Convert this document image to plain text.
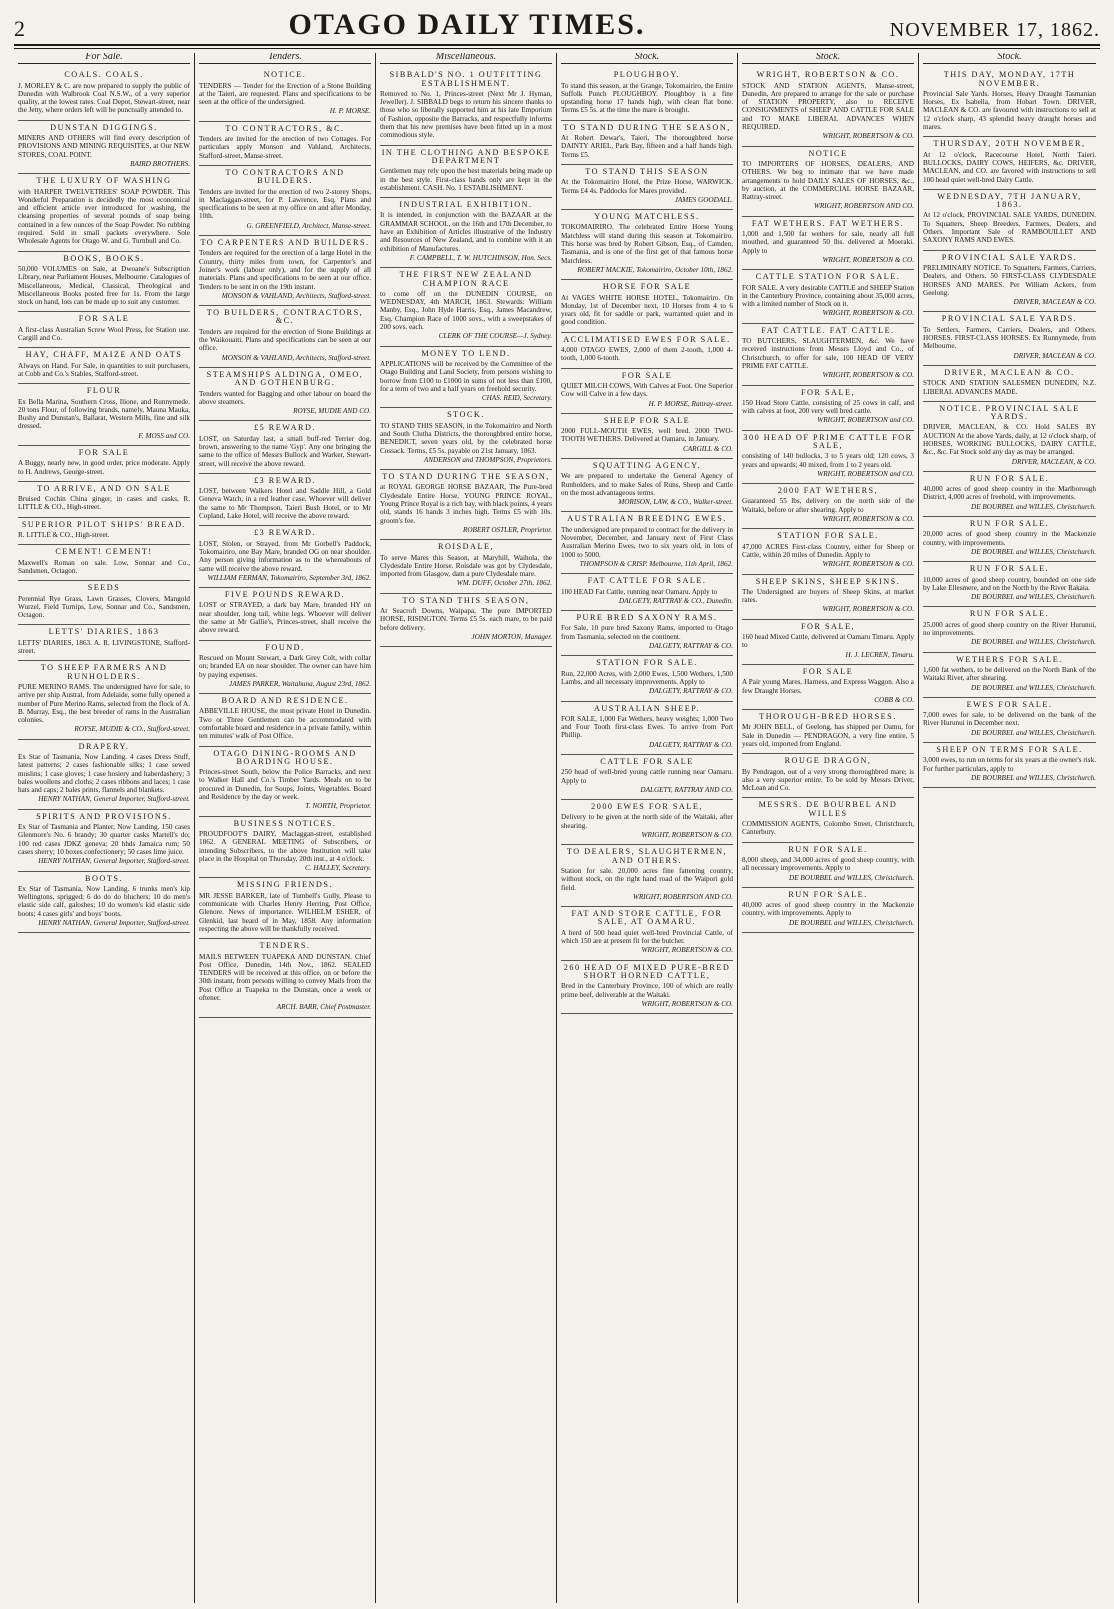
2	OTAGO DAILY TIMES.	NOVEMBER 17, 1862.
For Sale.
COALS. COALS.

J. MORLEY & C. are now prepared to supply the public of Dunedin with Walbrook Coal N.S.W., of a very superior quality, at the lowest rates. Coal Depot, Stewart-street, near the Jetty, where orders left will be punctually attended to.

DUNSTAN DIGGINGS.

MINERS AND OTHERS will find every description of PROVISIONS AND MINING REQUISITES, at Our NEW STORES, COAL POINT.

BAIRD BROTHERS.

THE LUXURY OF WASHING

with HARPER TWELVETREES' SOAP POWDER. This Wonderful Preparation is decidedly the most economical and efficient article ever introduced for washing, the cleansing properties of several pounds of soap being contained in a few ounces of the Soap Powder. No rubbing required. Sold in small packets everywhere. Sole Wholesale Agents for Otago W. and G. Turnbull and Co.

BOOKS, BOOKS.

50,000 VOLUMES on Sale, at Dwoane's Subscription Library, near Parliament Houses, Melbourne. Catalogues of Miscellaneous, Medical, Classical, Theological and Miscellaneous Books posted free for 1s. From the large stock on hand, lots can be made up to suit any customer.

FOR SALE

A first-class Australian Screw Wool Press, for Station use. Cargill and Co.

HAY, CHAFF, MAIZE AND OATS

Always on Hand. For Sale, in quantities to suit purchasers, at Cobb and Co.'s Stables, Stafford-street.

FLOUR

Ex Bella Marina, Southern Cross, Ilione, and Runnymede. 20 tons Flour, of following brands, namely, Mauna Mauka, Bushy and Dunstan's, Ballarat, Western Mills, fine and silk dressed.

F. MOSS and CO.

FOR SALE

A Buggy, nearly new, in good order, price moderate. Apply to H. Andrews, George-street.

TO ARRIVE, AND ON SALE

Bruised Cochin China ginger, in cases and casks, R. LITTLE & CO., High-street.

SUPERIOR PILOT SHIPS' BREAD.

R. LITTLE & CO., High-street.

CEMENT! CEMENT!

Maxwell's Roman on sale. Low, Sonnar and Co., Sandsmen, Octagon.

SEEDS

Perennial Rye Grass, Lawn Grasses, Clovers, Mangold Wurzel, Field Turnips, Lew, Sonnar and Co., Sandsmen, Octagon.

LETTS' DIARIES, 1863

LETTS' DIARIES, 1863. A. R. LIVINGSTONE, Stafford-street.

TO SHEEP FARMERS AND RUNHOLDERS.

PURE MERINO RAMS. The undersigned have for sale, to arrive per ship Austral, from Adelaide, some fully opened a number of Pure Merino Rams, selected from the flock of A. B. Murray, Esq., the best breeder of rams in the Australian colonies.

ROYSE, MUDIE & CO., Stafford-street.

DRAPERY.

Ex Star of Tasmania, Now Landing. 4 cases Dress Stuff, latest patterns; 2 cases fashionable silks; 1 case sewed muslins; 1 case gloves; 1 case hosiery and haberdashery; 3 bales woollens and cloths; 2 cases ribbons and laces; 1 case hats and caps; 2 bales prints, flannels and blankets.

HENRY NATHAN, General Importer, Stafford-street.

SPIRITS AND PROVISIONS.

Ex Star of Tasmania and Planter, Now Landing. 150 cases Glenmore's No. 6 brandy; 30 quarter casks Martell's do; 100 red cases JDKZ geneva; 20 hhds Jamaica rum; 50 cases sherry; 10 boxes confectionery; 50 cases lime juice.

HENRY NATHAN, General Importer, Stafford-street.

BOOTS.

Ex Star of Tasmania, Now Landing. 6 trunks men's kip Wellingtons, sprigged; 6 do do do bluchers; 10 do men's elastic side calf, galoshes; 10 do women's kid elastic side boots; 4 cases girls' and boys' boots.

HENRY NATHAN, General Importer, Stafford-street.

Tenders.
NOTICE.

TENDERS — Tender for the Erection of a Stone Building at the Taieri, are requested. Plans and specifications to be seen at the office of the undersigned.

H. P. MORSE.

TO CONTRACTORS, &C.

Tenders are invited for the erection of two Cottages. For particulars apply Monson and Vahland, Architects, Stafford-street, Manse-street.

TO CONTRACTORS AND BUILDERS.

Tenders are invited for the erection of two 2-storey Shops, in Maclaggan-street, for P. Lawrence, Esq. Plans and specifications to be seen at my office on and after Monday, 10th.

G. GREENFIELD, Architect, Manse-street.

TO CARPENTERS AND BUILDERS.

Tenders are required for the erection of a large Hotel in the Country, thirty miles from town, for Carpenter's and Joiner's work (labour only), and for the supply of all materials. Plans and specifications to be seen at our office. Tenders to be sent in on the 19th instant.

MONSON & VAHLAND, Architects, Stafford-street.

TO BUILDERS, CONTRACTORS, &C.

Tenders are required for the erection of Stone Buildings at the Waikouaiti. Plans and specifications can be seen at our office.

MONSON & VAHLAND, Architects, Stafford-street.

STEAMSHIPS ALDINGA, OMEO, AND GOTHENBURG.

Tenders wanted for Bagging and other labour on board the above steamers.

ROYSE, MUDIE AND CO.

£5 REWARD.

LOST, on Saturday last, a small buff-red Terrier dog, brown, answering to the name 'Gyp'. Any one bringing the same to the office of Messrs Bullock and Warker, Stewart-street, will receive the above reward.

£3 REWARD.

LOST, between Walkers Hotel and Saddle Hill, a Gold Geneva Watch, in a red leather case. Whoever will deliver the same to Mr Thompson, Taieri Bush Hotel, or to Mr Copland, Lake Hotel, will receive the above reward.

£3 REWARD.

LOST, Stolen, or Strayed, from Mr Gorbell's Paddock, Tokomairiro, one Bay Mare, branded OG on near shoulder. Any person giving information as to the whereabouts of same will receive the above reward.

WILLIAM FERMAN, Tokomairiro, September 3rd, 1862.

FIVE POUNDS REWARD.

LOST or STRAYED, a dark bay Mare, branded HY on near shoulder, long tail, white legs. Whoever will deliver the same at Mr Gallie's, Princes-street, shall receive the above reward.

FOUND.

Rescued on Mount Stewart, a Dark Grey Colt, with collar on; branded EA on near shoulder. The owner can have him by paying expenses.

JAMES PARKER, Waitahuna, August 23rd, 1862.

BOARD AND RESIDENCE.

ABBEVILLE HOUSE, the most private Hotel in Dunedin. Two or Three Gentlemen can be accommodated with comfortable board and residence in a private family, within ten minutes' walk of Post Office.

OTAGO DINING-ROOMS AND BOARDING HOUSE.

Princes-street South, below the Police Barracks, and next to Walker Hall and Co.'s Timber Yards. Meals on to be procured in Dunedin, for Soups, Joints, Vegetables. Board and Residence by the day or week.

T. NORTH, Proprietor.

BUSINESS NOTICES.

PROUDFOOT'S DAIRY, Maclaggan-street, established 1862. A GENERAL MEETING of Subscribers, or intending Subscribers, to the above Institution will take place in the Hospital on Thursday, 20th inst., at 4 o'clock.

C. HALLEY, Secretary.

MISSING FRIENDS.

MR JESSE BARKER, late of Tumbell's Gully, Please to communicate with Charles Henry Herring, Post Office, Glenore. News of importance. WILHELM ESHER, of Glenkid, last heard of in May, 1858. Any information respecting the above will be thankfully received.

TENDERS.

MAILS BETWEEN TUAPEKA AND DUNSTAN. Chief Post Office, Dunedin, 14th Nov., 1862. SEALED TENDERS will be received at this office, on or before the 30th instant, from persons willing to convey Mails from the Post Office at Tuapeka to the Dunstan, once a week or oftener.

ARCH. BARR, Chief Postmaster.

Miscellaneous.
SIBBALD'S NO. 1 OUTFITTING ESTABLISHMENT.

Removed to No. 1, Princes-street (Next Mr J. Hyman, Jeweller). J. SIBBALD begs to return his sincere thanks to those who so liberally supported him at his late Emporium of Fashion, opposite the Barracks, and respectfully informs them that his new premises have been fitted up in a most commodious style.

IN THE CLOTHING AND BESPOKE DEPARTMENT

Gentlemen may rely upon the best materials being made up in the best style. First-class hands only are kept in the establishment. CASH. No. 1 ESTABLISHMENT.

INDUSTRIAL EXHIBITION.

It is intended, in conjunction with the BAZAAR at the GRAMMAR SCHOOL, on the 16th and 17th December, to have an Exhibition of Articles illustrative of the Industry and Resources of New Zealand, and to combine with it an exhibition of Manufactures.

F. CAMPBELL, T. W. HUTCHINSON, Hon. Secs.

THE FIRST NEW ZEALAND CHAMPION RACE

to come off on the DUNEDIN COURSE, on WEDNESDAY, 4th MARCH, 1863. Stewards: William Manby, Esq., John Hyde Harris, Esq., James Macandrew, Esq. Champion Race of 1000 sovs., with a sweepstakes of 200 sovs. each.

CLERK OF THE COURSE—J. Sydney.

MONEY TO LEND.

APPLICATIONS will be received by the Committee of the Otago Building and Land Society, from persons wishing to borrow from £100 to £1000 in sums of not less than £100, for a term of two and a half years on freehold security.

CHAS. REID, Secretary.

STOCK.

TO STAND THIS SEASON, in the Tokomairiro and North and South Clutha Districts, the thoroughbred entire horse, BENEDICT, seven years old, by the celebrated horse Cossack. Terms, £5 5s. payable on 21st January, 1863.

ANDERSON and THOMPSON, Proprietors.

TO STAND DURING THE SEASON,

at ROYAL GEORGE HORSE BAZAAR, The Pure-bred Clydesdale Entire Horse, YOUNG PRINCE ROYAL, Young Prince Royal is a rich bay, with black points, 4 years old, stands 16 hands 3 inches high. Terms £5 with 10s. groom's fee.

ROBERT OSTLER, Proprietor.

ROISDALE,

To serve Mares this Season, at Maryhill, Waihola, the Clydesdale Entire Horse. Roisdale was got by Clydesdale, imported from Glasgow, dam a pure Clydesdale mare.

WM. DUFF, October 27th, 1862.

TO STAND THIS SEASON,

At Seacroft Downs, Waipapa, The pure IMPORTED HORSE, RISINGTON. Terms £5 5s. each mare, to be paid before delivery.

JOHN MORTON, Manager.

Stock.
PLOUGHBOY.

To stand this season, at the Grange, Tokomairiro, the Entire Suffolk Punch PLOUGHBOY. Ploughboy is a fine upstanding horse 17 hands high, with clean flat bone. Terms £5 5s. at the time the mare is brought.

TO STAND DURING THE SEASON,

At Robert Dewar's, Taieri, The thoroughbred horse DAINTY ARIEL, Park Bay, fifteen and a half hands high. Terms £5.

TO STAND THIS SEASON

At the Tokomairiro Hotel, the Prize Horse, WARWICK. Terms £4 4s. Paddocks for Mares provided.

JAMES GOODALL.

YOUNG MATCHLESS.

TOKOMAIRIRO. The celebrated Entire Horse Young Matchless will stand during this season at Tokomairiro. This horse was bred by Robert Gibson, Esq., of Camden, Tasmania, and is one of the first get of that famous horse Matchless.

ROBERT MACKIE, Tokomairiro, October 10th, 1862.

HORSE FOR SALE

At VAGES WHITE HORSE HOTEL, Tokomairiro. On Monday, 1st of December next, 10 Horses from 4 to 6 years old, fit for saddle or park, warranted quiet and in good condition.

ACCLIMATISED EWES FOR SALE.

4,000 OTAGO EWES, 2,000 of them 2-tooth, 1,000 4-tooth, 1,000 6-tooth.

FOR SALE

QUIET MILCH COWS, With Calves at Foot. One Superior Cow will Calve in a few days.

H. P. MORSE, Rattray-street.

SHEEP FOR SALE

2000 FULL-MOUTH EWES, well bred. 2000 TWO-TOOTH WETHERS. Delivered at Oamaru, in January.

CARGILL & CO.

SQUATTING AGENCY.

We are prepared to undertake the General Agency of Runholders, and to make Sales of Runs, Sheep and Cattle on the most advantageous terms.

MORISON, LAW, & CO., Walker-street.

AUSTRALIAN BREEDING EWES.

The undersigned are prepared to contract for the delivery in November, December, and January next of First Class Australian Merino Ewes, two to six years old, in lots of 1000 to 5000.

THOMPSON & CRISP. Melbourne, 11th April, 1862.

FAT CATTLE FOR SALE.

100 HEAD Fat Cattle, running near Oamaru. Apply to

DALGETY, RATTRAY & CO., Dunedin.

PURE BRED SAXONY RAMS.

For Sale, 10 pure bred Saxony Rams, imported to Otago from Tasmania, selected on the continent.

DALGETY, RATTRAY & CO.

STATION FOR SALE.

Run, 22,000 Acres, with 2,000 Ewes, 1,500 Wethers, 1,500 Lambs, and all necessary improvements. Apply to

DALGETY, RATTRAY & CO.

AUSTRALIAN SHEEP.

FOR SALE, 1,000 Fat Wethers, heavy weights; 1,000 Two and Four Tooth first-class Ewes. To arrive from Port Phillip.

DALGETY, RATTRAY & CO.

CATTLE FOR SALE

250 head of well-bred young cattle running near Oamaru. Apply to

DALGETY, RATTRAY AND CO.

2000 EWES FOR SALE,

Delivery to be given at the north side of the Waitaki, after shearing.

WRIGHT, ROBERTSON & CO.

TO DEALERS, SLAUGHTERMEN, AND OTHERS.

Station for sale. 20,000 acres fine fattening country, without stock, on the right hand road of the Waipori gold field.

WRIGHT, ROBERTSON AND CO.

FAT AND STORE CATTLE, FOR SALE, AT OAMARU.

A herd of 500 head quiet well-bred Provincial Cattle, of which 150 are at present fit for the butcher.

WRIGHT, ROBERTSON & CO.

260 HEAD OF MIXED PURE-BRED SHORT HORNED CATTLE,

Bred in the Canterbury Province, 100 of which are really prime beef, deliverable at the Waitaki.

WRIGHT, ROBERTSON & CO.

Stock.
WRIGHT, ROBERTSON & CO.

STOCK AND STATION AGENTS, Manse-street, Dunedin, Are prepared to arrange for the sale or purchase of STATION PROPERTY, also to RECEIVE CONSIGNMENTS of SHEEP AND CATTLE FOR SALE and TO MAKE LIBERAL ADVANCES WHEN REQUIRED.

WRIGHT, ROBERTSON & CO.

NOTICE

TO IMPORTERS OF HORSES, DEALERS, AND OTHERS. We beg to intimate that we have made arrangements to hold DAILY SALES OF HORSES, &c., by auction, at the COMMERCIAL HORSE BAZAAR, Rattray-street.

WRIGHT, ROBERTSON AND CO.

FAT WETHERS. FAT WETHERS.

1,000 and 1,500 fat wethers for sale, nearly all full mouthed, and guaranteed 50 lbs. delivered at Moeraki. Apply to

WRIGHT, ROBERTSON & CO.

CATTLE STATION FOR SALE.

FOR SALE. A very desirable CATTLE and SHEEP Station in the Canterbury Province, containing about 35,000 acres, with a limited number of Stock on it.

WRIGHT, ROBERTSON & CO.

FAT CATTLE. FAT CATTLE.

TO BUTCHERS, SLAUGHTERMEN, &c. We have received instructions from Messrs Lloyd and Co., of Christchurch, to offer for sale, 100 HEAD OF VERY PRIME FAT CATTLE.

WRIGHT, ROBERTSON & CO.

FOR SALE,

150 Head Store Cattle, consisting of 25 cows in calf, and with calves at foot, 200 very well bred cattle.

WRIGHT, ROBERTSON and CO.

300 HEAD OF PRIME CATTLE FOR SALE,

consisting of 140 bullocks, 3 to 5 years old; 120 cows, 3 years and upwards; 40 mixed, from 1 to 2 years old.

WRIGHT, ROBERTSON and CO.

2000 FAT WETHERS,

Guaranteed 55 lbs, delivery on the north side of the Waitaki, before or after shearing. Apply to

WRIGHT, ROBERTSON & CO.

STATION FOR SALE.

47,000 ACRES First-class Country, either for Sheep or Cattle, within 20 miles of Dunedin. Apply to

WRIGHT, ROBERTSON & CO.

SHEEP SKINS, SHEEP SKINS.

The Undersigned are buyers of Sheep Skins, at market rates.

WRIGHT, ROBERTSON & CO.

FOR SALE,

160 head Mixed Cattle, delivered at Oamaru Timaru. Apply to

H. J. LECREN, Timaru.

FOR SALE

A Pair young Mares, Harness, and Express Waggon. Also a few Draught Horses.

COBB & CO.

THOROUGH-BRED HORSES.

Mr JOHN BELL, of Geelong, has shipped per Oamu, for Sale in Dunedin — PENDRAGON, a very fine entire, 5 years old, imported from England.

ROUGE DRAGON,

By Pendragon, out of a very strong thoroughbred mare; is also a very superior entire. To be sold by Messrs Driver, McLean and Co.

MESSRS. DE BOURBEL AND WILLES

COMMISSION AGENTS, Colombo Street, Christchurch, Canterbury.

RUN FOR SALE.

8,000 sheep, and 34,000 acres of good sheep country, with all necessary improvements. Apply to

DE BOURBEL and WILLES, Christchurch.

RUN FOR SALE.

40,000 acres of good sheep country in the Mackenzie country, with improvements. Apply to

DE BOURBEL and WILLES, Christchurch.

Stock.
THIS DAY, MONDAY, 17TH NOVEMBER.

Provincial Sale Yards. Horses, Heavy Draught Tasmanian Horses, Ex Isabella, from Hobart Town. DRIVER, MACLEAN & CO. are favoured with instructions to sell at 12 o'clock sharp, 43 splendid heavy draught horses and mares.

THURSDAY, 20TH NOVEMBER,

At 12 o'clock, Racecourse Hotel, North Taieri. BULLOCKS, DAIRY COWS, HEIFERS, &c. DRIVER, MACLEAN, and CO. are favored with instructions to sell 100 head quiet well-bred Dairy Cattle.

WEDNESDAY, 7TH JANUARY, 1863.

At 12 o'clock, PROVINCIAL SALE YARDS, DUNEDIN. To Squatters, Sheep Breeders, Farmers, Dealers, and Others. Important Sale of RAMBOUILLET AND SAXONY RAMS AND EWES.

PROVINCIAL SALE YARDS.

PRELIMINARY NOTICE. To Squatters, Farmers, Carriers, Dealers, and Others. 50 FIRST-CLASS CLYDESDALE HORSES AND MARES. Per William Ackers, from Geelong.

DRIVER, MACLEAN & CO.

PROVINCIAL SALE YARDS.

To Settlers, Farmers, Carriers, Dealers, and Others. HORSES. FIRST-CLASS HORSES. Ex Runnymede, from Melbourne.

DRIVER, MACLEAN & CO.

DRIVER, MACLEAN & CO.

STOCK AND STATION SALESMEN DUNEDIN, N.Z. LIBERAL ADVANCES MADE.

NOTICE. PROVINCIAL SALE YARDS.

DRIVER, MACLEAN, & CO. Hold SALES BY AUCTION At the above Yards, daily, at 12 o'clock sharp, of HORSES, WORKING BULLOCKS, DAIRY CATTLE, &c., &c. Fat Stock sold any day as may be arranged.

DRIVER, MACLEAN, & CO.

RUN FOR SALE.

40,000 acres of good sheep country in the Marlborough District, 4,000 acres of freehold, with improvements.

DE BOURBEL and WILLES, Christchurch.

RUN FOR SALE.

20,000 acres of good sheep country in the Mackenzie country, with improvements.

DE BOURBEL and WILLES, Christchurch.

RUN FOR SALE.

10,000 acres of good sheep country, bounded on one side by Lake Ellesmere, and on the North by the River Rakaia.

DE BOURBEL and WILLES, Christchurch.

RUN FOR SALE.

25,000 acres of good sheep country on the River Hurunui, no improvements.

DE BOURBEL and WILLES, Christchurch.

WETHERS FOR SALE.

1,600 fat wethers, to be delivered on the North Bank of the Waitaki River, after shearing.

DE BOURBEL and WILLES, Christchurch.

EWES FOR SALE.

7,000 ewes for sale, to be delivered on the bank of the River Hurunui in December next.

DE BOURBEL and WILLES, Christchurch.

SHEEP ON TERMS FOR SALE.

3,000 ewes, to run on terms for six years at the owner's risk. For further particulars, apply to

DE BOURBEL and WILLES, Christchurch.
